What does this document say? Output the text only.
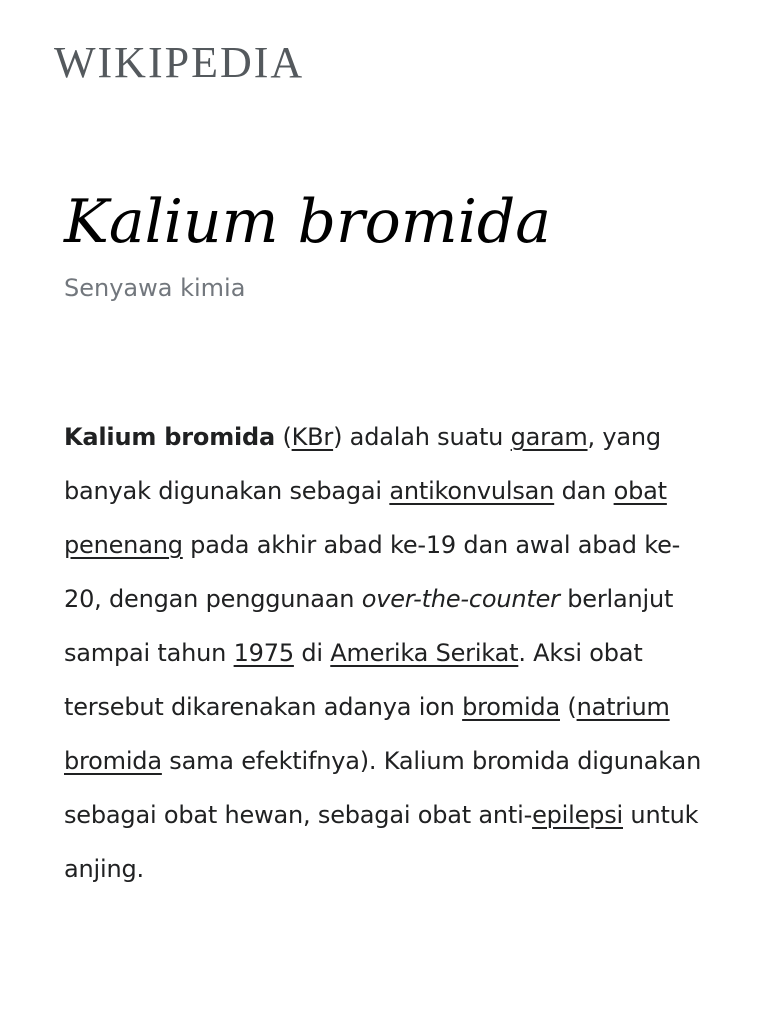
WIKIPEDIA
Kalium bromida
Senyawa kimia

Kalium bromida (KBr) adalah suatu garam, yang banyak digunakan sebagai antikonvulsan dan obat penenang pada akhir abad ke-19 dan awal abad ke-20, dengan penggunaan over-the-counter berlanjut sampai tahun 1975 di Amerika Serikat. Aksi obat tersebut dikarenakan adanya ion bromida (natrium bromida sama efektifnya). Kalium bromida digunakan sebagai obat hewan, sebagai obat anti-epilepsi untuk anjing.
